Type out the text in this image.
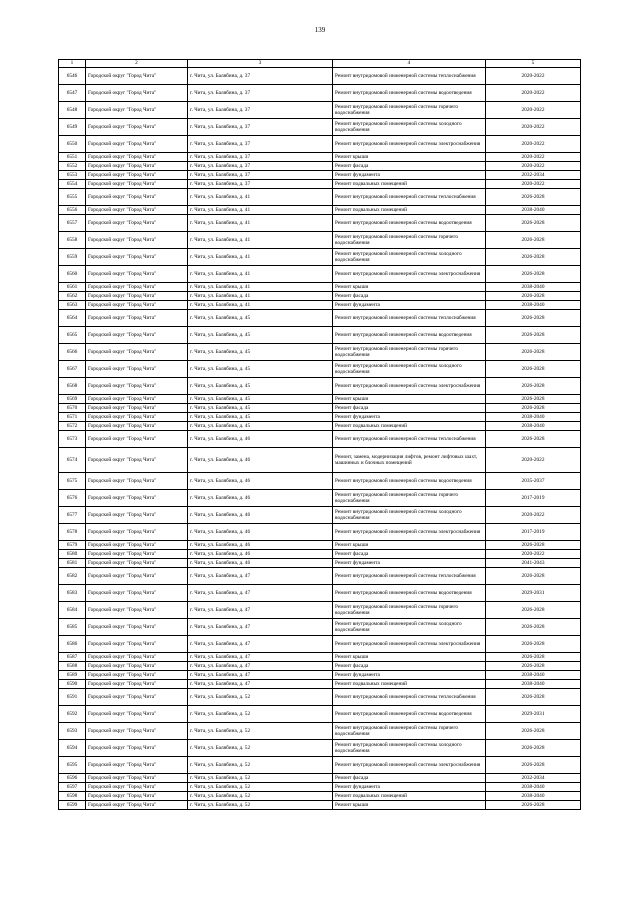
139
1	2	3	4	5
6546	Городской округ "Город Чита"	г. Чита, ул. Балябина, д. 37	Ремонт внутридомовой инженерной системы теплоснабжения	2020-2022
6547	Городской округ "Город Чита"	г. Чита, ул. Балябина, д. 37	Ремонт внутридомовой инженерной системы водоотведения	2020-2022
6548	Городской округ "Город Чита"	г. Чита, ул. Балябина, д. 37	Ремонт внутридомовой инженерной системы горячего водоснабжения	2020-2022
6549	Городской округ "Город Чита"	г. Чита, ул. Балябина, д. 37	Ремонт внутридомовой инженерной системы холодного водоснабжения	2020-2022
6550	Городской округ "Город Чита"	г. Чита, ул. Балябина, д. 37	Ремонт внутридомовой инженерной системы электроснабжения	2020-2022
6551	Городской округ "Город Чита"	г. Чита, ул. Балябина, д. 37	Ремонт крыши	2020-2022
6552	Городской округ "Город Чита"	г. Чита, ул. Балябина, д. 37	Ремонт фасада	2020-2022
6553	Городской округ "Город Чита"	г. Чита, ул. Балябина, д. 37	Ремонт фундамента	2032-2034
6554	Городской округ "Город Чита"	г. Чита, ул. Балябина, д. 37	Ремонт подвальных помещений	2020-2022
6555	Городской округ "Город Чита"	г. Чита, ул. Балябина, д. 41	Ремонт внутридомовой инженерной системы теплоснабжения	2026-2028
6556	Городской округ "Город Чита"	г. Чита, ул. Балябина, д. 41	Ремонт подвальных помещений	2038-2040
6557	Городской округ "Город Чита"	г. Чита, ул. Балябина, д. 41	Ремонт внутридомовой инженерной системы водоотведения	2026-2028
6558	Городской округ "Город Чита"	г. Чита, ул. Балябина, д. 41	Ремонт внутридомовой инженерной системы горячего водоснабжения	2026-2028
6559	Городской округ "Город Чита"	г. Чита, ул. Балябина, д. 41	Ремонт внутридомовой инженерной системы холодного водоснабжения	2026-2028
6560	Городской округ "Город Чита"	г. Чита, ул. Балябина, д. 41	Ремонт внутридомовой инженерной системы электроснабжения	2026-2028
6561	Городской округ "Город Чита"	г. Чита, ул. Балябина, д. 41	Ремонт крыши	2038-2040
6562	Городской округ "Город Чита"	г. Чита, ул. Балябина, д. 41	Ремонт фасада	2026-2028
6563	Городской округ "Город Чита"	г. Чита, ул. Балябина, д. 41	Ремонт фундамента	2038-2040
6564	Городской округ "Город Чита"	г. Чита, ул. Балябина, д. 45	Ремонт внутридомовой инженерной системы теплоснабжения	2026-2028
6565	Городской округ "Город Чита"	г. Чита, ул. Балябина, д. 45	Ремонт внутридомовой инженерной системы водоотведения	2026-2028
6566	Городской округ "Город Чита"	г. Чита, ул. Балябина, д. 45	Ремонт внутридомовой инженерной системы горячего водоснабжения	2026-2028
6567	Городской округ "Город Чита"	г. Чита, ул. Балябина, д. 45	Ремонт внутридомовой инженерной системы холодного водоснабжения	2026-2028
6568	Городской округ "Город Чита"	г. Чита, ул. Балябина, д. 45	Ремонт внутридомовой инженерной системы электроснабжения	2026-2028
6569	Городской округ "Город Чита"	г. Чита, ул. Балябина, д. 45	Ремонт крыши	2026-2028
6570	Городской округ "Город Чита"	г. Чита, ул. Балябина, д. 45	Ремонт фасада	2026-2028
6571	Городской округ "Город Чита"	г. Чита, ул. Балябина, д. 45	Ремонт фундамента	2038-2040
6572	Городской округ "Город Чита"	г. Чита, ул. Балябина, д. 45	Ремонт подвальных помещений	2038-2040
6573	Городской округ "Город Чита"	г. Чита, ул. Балябина, д. 46	Ремонт внутридомовой инженерной системы теплоснабжения	2026-2028
6574	Городской округ "Город Чита"	г. Чита, ул. Балябина, д. 46	Ремонт, замена, модернизация лифтов, ремонт лифтовых шахт, машинных и блочных помещений	2020-2022
6575	Городской округ "Город Чита"	г. Чита, ул. Балябина, д. 46	Ремонт внутридомовой инженерной системы водоотведения	2035-2037
6576	Городской округ "Город Чита"	г. Чита, ул. Балябина, д. 46	Ремонт внутридомовой инженерной системы горячего водоснабжения	2017-2019
6577	Городской округ "Город Чита"	г. Чита, ул. Балябина, д. 46	Ремонт внутридомовой инженерной системы холодного водоснабжения	2020-2022
6578	Городской округ "Город Чита"	г. Чита, ул. Балябина, д. 46	Ремонт внутридомовой инженерной системы электроснабжения	2017-2019
6579	Городской округ "Город Чита"	г. Чита, ул. Балябина, д. 46	Ремонт крыши	2026-2028
6580	Городской округ "Город Чита"	г. Чита, ул. Балябина, д. 46	Ремонт фасада	2020-2022
6581	Городской округ "Город Чита"	г. Чита, ул. Балябина, д. 46	Ремонт фундамента	2041-2043
6582	Городской округ "Город Чита"	г. Чита, ул. Балябина, д. 47	Ремонт внутридомовой инженерной системы теплоснабжения	2026-2028
6583	Городской округ "Город Чита"	г. Чита, ул. Балябина, д. 47	Ремонт внутридомовой инженерной системы водоотведения	2029-2031
6584	Городской округ "Город Чита"	г. Чита, ул. Балябина, д. 47	Ремонт внутридомовой инженерной системы горячего водоснабжения	2026-2028
6585	Городской округ "Город Чита"	г. Чита, ул. Балябина, д. 47	Ремонт внутридомовой инженерной системы холодного водоснабжения	2026-2028
6586	Городской округ "Город Чита"	г. Чита, ул. Балябина, д. 47	Ремонт внутридомовой инженерной системы электроснабжения	2026-2028
6587	Городской округ "Город Чита"	г. Чита, ул. Балябина, д. 47	Ремонт крыши	2026-2028
6588	Городской округ "Город Чита"	г. Чита, ул. Балябина, д. 47	Ремонт фасада	2026-2028
6589	Городской округ "Город Чита"	г. Чита, ул. Балябина, д. 47	Ремонт фундамента	2038-2040
6590	Городской округ "Город Чита"	г. Чита, ул. Балябина, д. 47	Ремонт подвальных помещений	2038-2040
6591	Городской округ "Город Чита"	г. Чита, ул. Балябина, д. 52	Ремонт внутридомовой инженерной системы теплоснабжения	2026-2028
6592	Городской округ "Город Чита"	г. Чита, ул. Балябина, д. 52	Ремонт внутридомовой инженерной системы водоотведения	2029-2031
6593	Городской округ "Город Чита"	г. Чита, ул. Балябина, д. 52	Ремонт внутридомовой инженерной системы горячего водоснабжения	2026-2028
6594	Городской округ "Город Чита"	г. Чита, ул. Балябина, д. 52	Ремонт внутридомовой инженерной системы холодного водоснабжения	2026-2028
6595	Городской округ "Город Чита"	г. Чита, ул. Балябина, д. 52	Ремонт внутридомовой инженерной системы электроснабжения	2026-2028
6596	Городской округ "Город Чита"	г. Чита, ул. Балябина, д. 52	Ремонт фасада	2032-2034
6597	Городской округ "Город Чита"	г. Чита, ул. Балябина, д. 52	Ремонт фундамента	2038-2040
6598	Городской округ "Город Чита"	г. Чита, ул. Балябина, д. 52	Ремонт подвальных помещений	2038-2040
6599	Городской округ "Город Чита"	г. Чита, ул. Балябина, д. 52	Ремонт крыши	2026-2028
